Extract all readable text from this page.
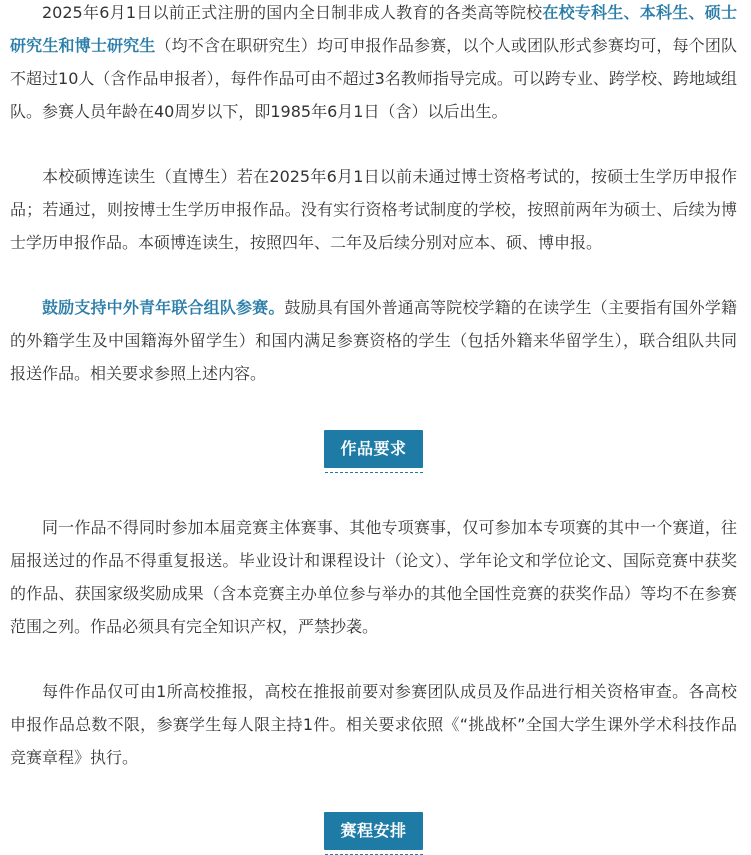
2025年6月1日以前正式注册的国内全日制非成人教育的各类高等院校在校专科生、本科生、硕士研究生和博士研究生（均不含在职研究生）均可申报作品参赛，以个人或团队形式参赛均可，每个团队不超过10人（含作品申报者），每件作品可由不超过3名教师指导完成。可以跨专业、跨学校、跨地域组队。参赛人员年龄在40周岁以下，即1985年6月1日（含）以后出生。

本校硕博连读生（直博生）若在2025年6月1日以前未通过博士资格考试的，按硕士生学历申报作品；若通过，则按博士生学历申报作品。没有实行资格考试制度的学校，按照前两年为硕士、后续为博士学历申报作品。本硕博连读生，按照四年、二年及后续分别对应本、硕、博申报。

鼓励支持中外青年联合组队参赛。鼓励具有国外普通高等院校学籍的在读学生（主要指有国外学籍的外籍学生及中国籍海外留学生）和国内满足参赛资格的学生（包括外籍来华留学生），联合组队共同报送作品。相关要求参照上述内容。

作品要求

同一作品不得同时参加本届竞赛主体赛事、其他专项赛事，仅可参加本专项赛的其中一个赛道，往届报送过的作品不得重复报送。毕业设计和课程设计（论文）、学年论文和学位论文、国际竞赛中获奖的作品、获国家级奖励成果（含本竞赛主办单位参与举办的其他全国性竞赛的获奖作品）等均不在参赛范围之列。作品必须具有完全知识产权，严禁抄袭。

每件作品仅可由1所高校推报，高校在推报前要对参赛团队成员及作品进行相关资格审查。各高校申报作品总数不限，参赛学生每人限主持1件。相关要求依照《“挑战杯”全国大学生课外学术科技作品竞赛章程》执行。

赛程安排
